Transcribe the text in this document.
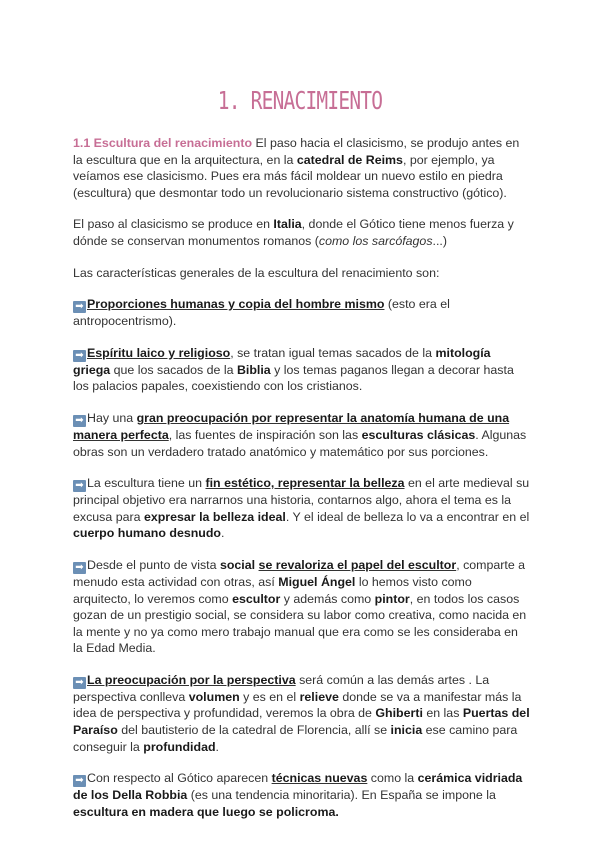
1. RENACIMIENTO

1.1 Escultura del renacimiento El paso hacia el clasicismo, se produjo antes en la escultura que en la arquitectura, en la catedral de Reims, por ejemplo, ya veíamos ese clasicismo. Pues era más fácil moldear un nuevo estilo en piedra (escultura) que desmontar todo un revolucionario sistema constructivo (gótico).

El paso al clasicismo se produce en Italia, donde el Gótico tiene menos fuerza y dónde se conservan monumentos romanos (como los sarcófagos...)

Las características generales de la escultura del renacimiento son:

➡ Proporciones humanas y copia del hombre mismo (esto era el antropocentrismo).

➡ Espíritu laico y religioso, se tratan igual temas sacados de la mitología griega que los sacados de la Biblia y los temas paganos llegan a decorar hasta los palacios papales, coexistiendo con los cristianos.

➡ Hay una gran preocupación por representar la anatomía humana de una manera perfecta, las fuentes de inspiración son las esculturas clásicas. Algunas obras son un verdadero tratado anatómico y matemático por sus porciones.

➡ La escultura tiene un fin estético, representar la belleza en el arte medieval su principal objetivo era narrarnos una historia, contarnos algo, ahora el tema es la excusa para expresar la belleza ideal. Y el ideal de belleza lo va a encontrar en el cuerpo humano desnudo.

➡ Desde el punto de vista social se revaloriza el papel del escultor, comparte a menudo esta actividad con otras, así Miguel Ángel lo hemos visto como arquitecto, lo veremos como escultor y además como pintor, en todos los casos gozan de un prestigio social, se considera su labor como creativa, como nacida en la mente y no ya como mero trabajo manual que era como se les consideraba en la Edad Media.

➡ La preocupación por la perspectiva será común a las demás artes . La perspectiva conlleva volumen y es en el relieve donde se va a manifestar más la idea de perspectiva y profundidad, veremos la obra de Ghiberti en las Puertas del Paraíso del bautisterio de la catedral de Florencia, allí se inicia ese camino para conseguir la profundidad.

➡ Con respecto al Gótico aparecen técnicas nuevas como la cerámica vidriada de los Della Robbia (es una tendencia minoritaria). En España se impone la escultura en madera que luego se policroma.
